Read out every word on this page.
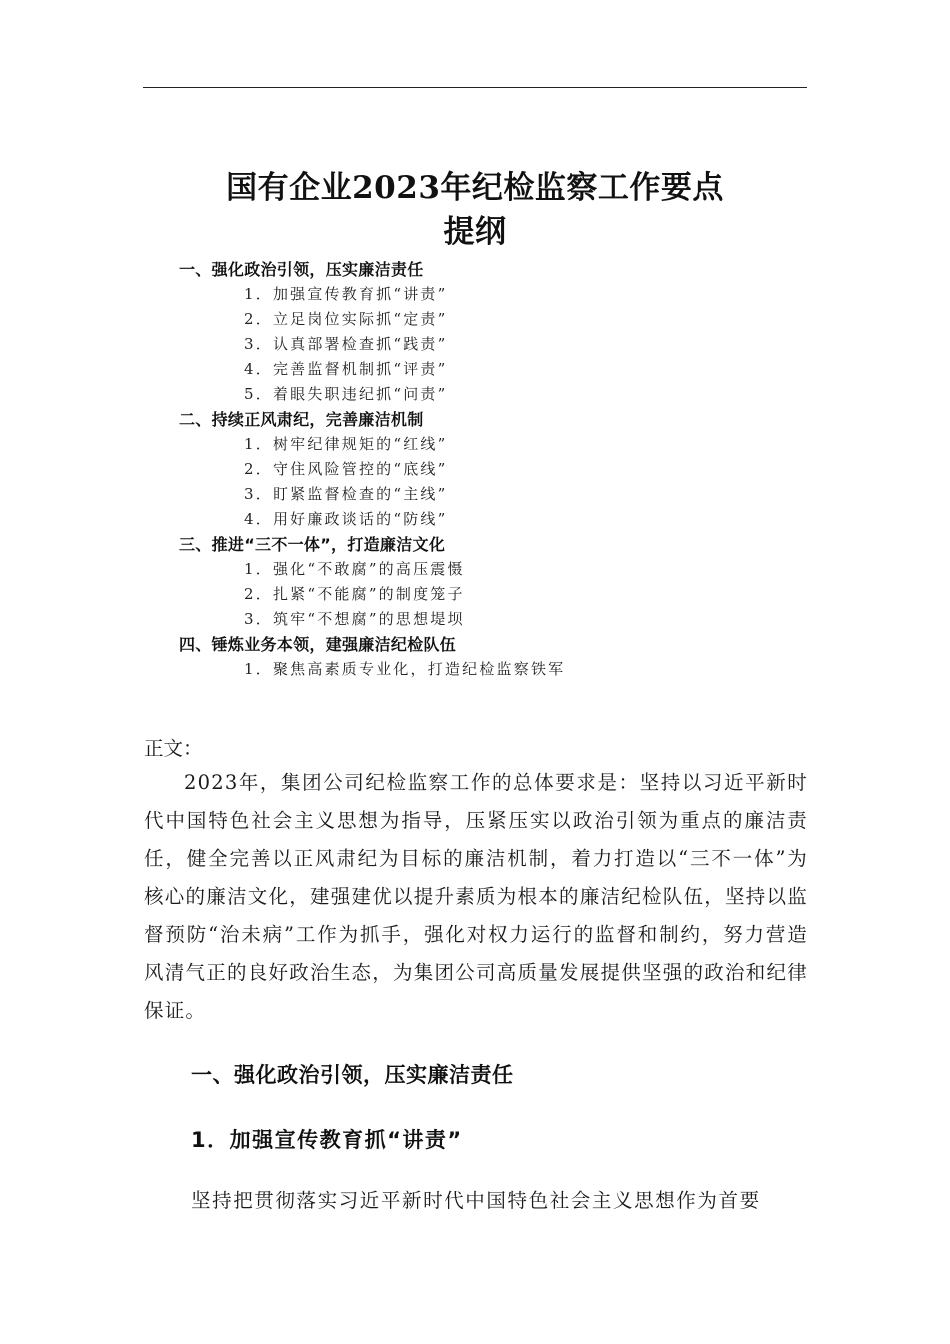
国有企业2023年纪检监察工作要点
提纲
一、强化政治引领，压实廉洁责任
1．加强宣传教育抓“讲责”
2．立足岗位实际抓“定责”
3．认真部署检查抓“践责”
4．完善监督机制抓“评责”
5．着眼失职违纪抓“问责”
二、持续正风肃纪，完善廉洁机制
1．树牢纪律规矩的“红线”
2．守住风险管控的“底线”
3．盯紧监督检查的“主线”
4．用好廉政谈话的“防线”
三、推进“三不一体”，打造廉洁文化
1．强化“不敢腐”的高压震慑
2．扎紧“不能腐”的制度笼子
3．筑牢“不想腐”的思想堤坝
四、锤炼业务本领，建强廉洁纪检队伍
1．聚焦高素质专业化，打造纪检监察铁军
正文：

2023年，集团公司纪检监察工作的总体要求是：坚持以习近平新时代中国特色社会主义思想为指导，压紧压实以政治引领为重点的廉洁责任，健全完善以正风肃纪为目标的廉洁机制，着力打造以“三不一体”为核心的廉洁文化，建强建优以提升素质为根本的廉洁纪检队伍，坚持以监督预防“治未病”工作为抓手，强化对权力运行的监督和制约，努力营造风清气正的良好政治生态，为集团公司高质量发展提供坚强的政治和纪律保证。

一、强化政治引领，压实廉洁责任
1．加强宣传教育抓“讲责”
坚持把贯彻落实习近平新时代中国特色社会主义思想作为首要
